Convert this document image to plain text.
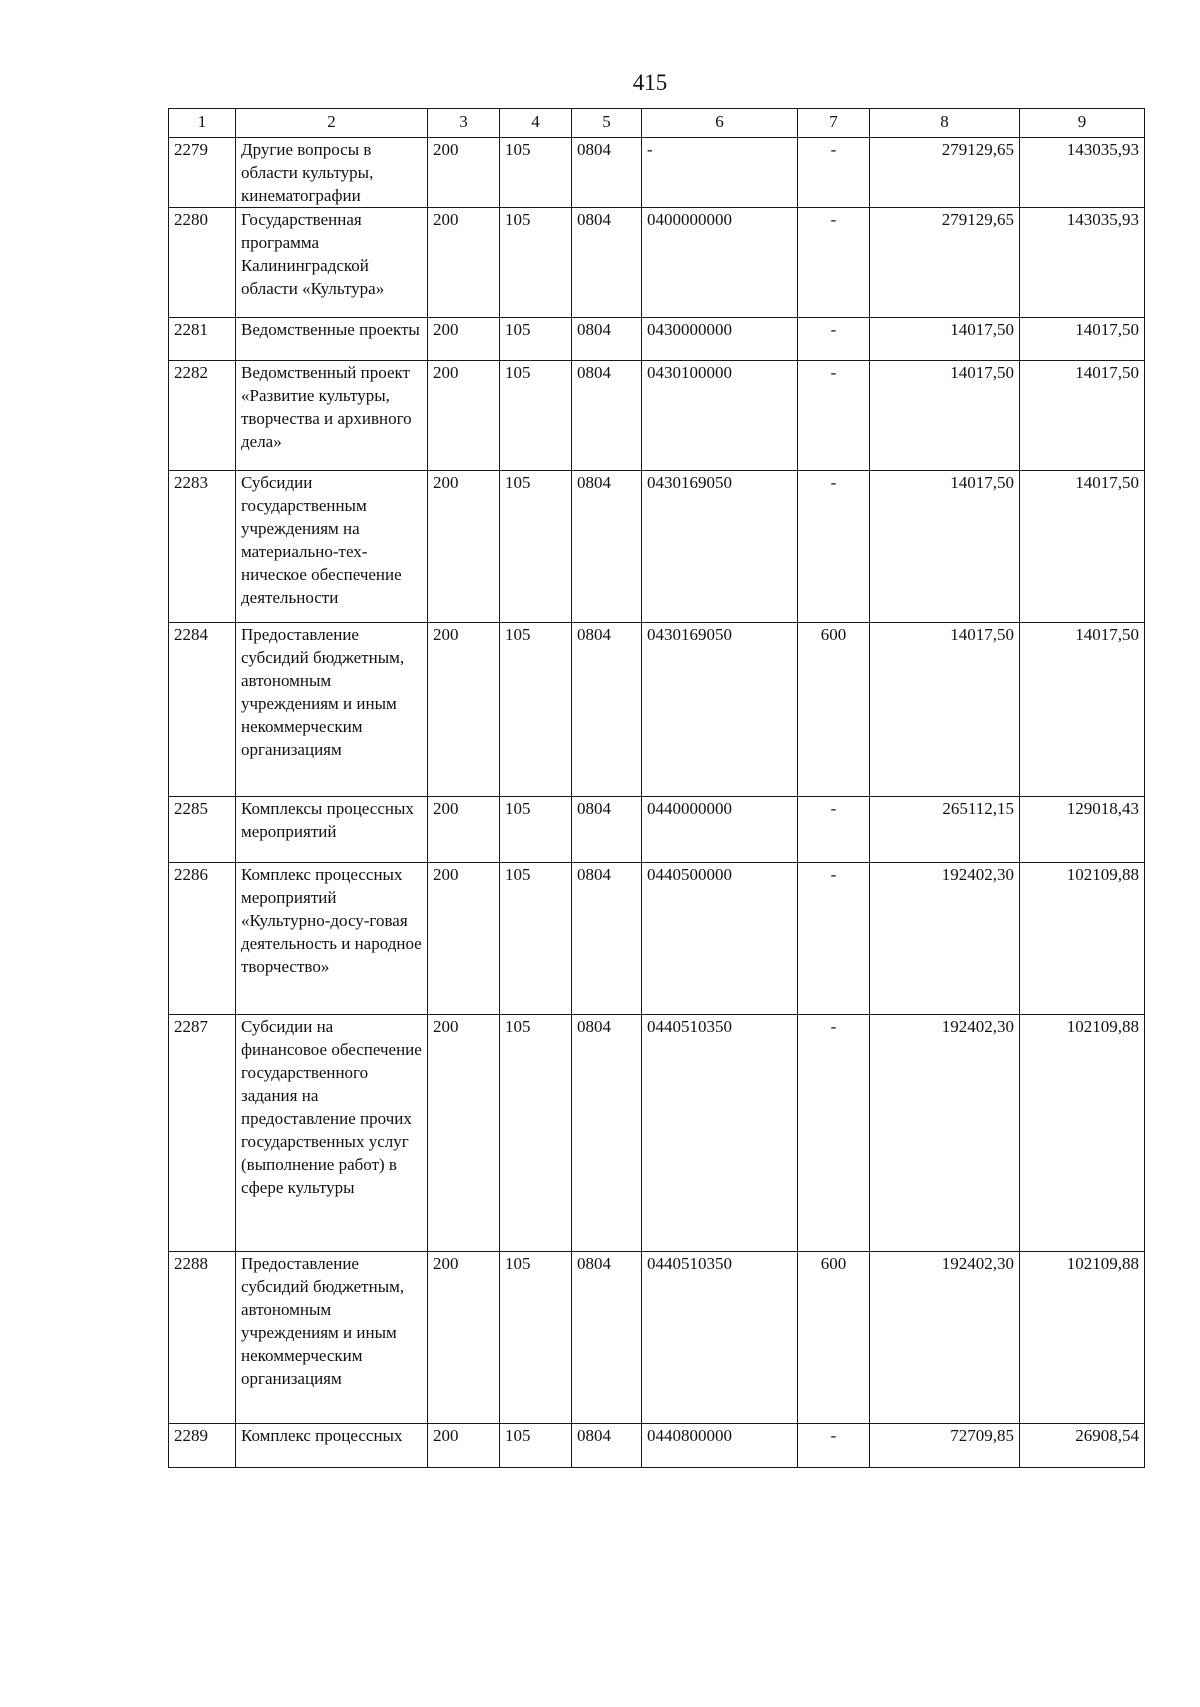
415
1	2	3	4	5	6	7	8	9
2279	Другие вопросы в области культуры, кинематографии	200	105	0804	-	-	279129,65	143035,93
2280	Государственная программа Калининградской области «Культура»	200	105	0804	0400000000	-	279129,65	143035,93
2281	Ведомственные проекты	200	105	0804	0430000000	-	14017,50	14017,50
2282	Ведомственный проект «Развитие культуры, творчества и архивного дела»	200	105	0804	0430100000	-	14017,50	14017,50
2283	Субсидии государственным учреждениям на материально-тех-ническое обеспечение деятельности	200	105	0804	0430169050	-	14017,50	14017,50
2284	Предоставление субсидий бюджетным, автономным учреждениям и иным некоммерческим организациям	200	105	0804	0430169050	600	14017,50	14017,50
2285	Комплексы процессных мероприятий	200	105	0804	0440000000	-	265112,15	129018,43
2286	Комплекс процессных мероприятий «Культурно-досу-говая деятельность и народное творчество»	200	105	0804	0440500000	-	192402,30	102109,88
2287	Субсидии на финансовое обеспечение государственного задания на предоставление прочих государственных услуг (выполнение работ) в сфере культуры	200	105	0804	0440510350	-	192402,30	102109,88
2288	Предоставление субсидий бюджетным, автономным учреждениям и иным некоммерческим организациям	200	105	0804	0440510350	600	192402,30	102109,88
2289	Комплекс процессных	200	105	0804	0440800000	-	72709,85	26908,54
